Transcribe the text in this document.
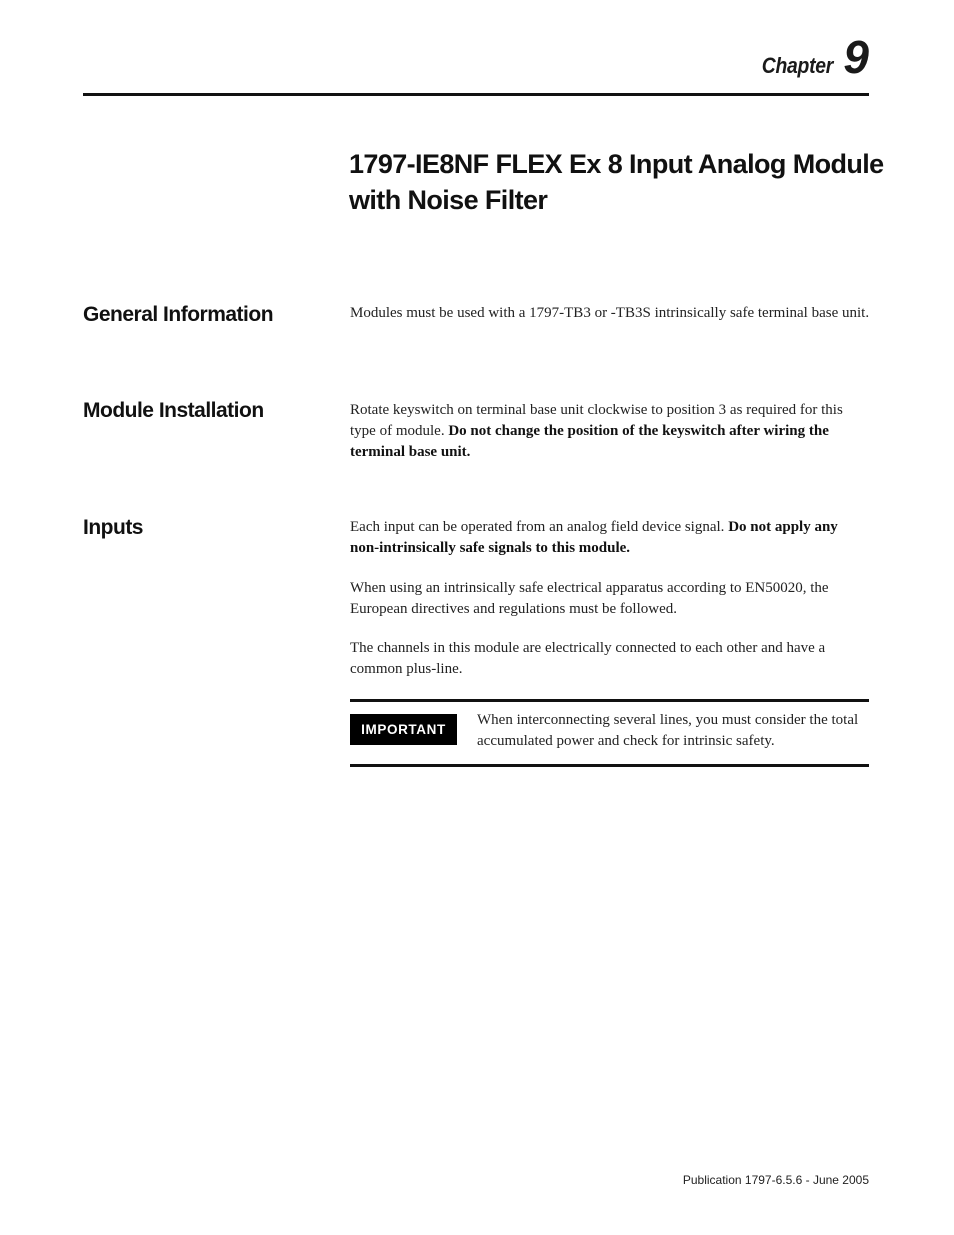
Chapter 9
1797-IE8NF FLEX Ex 8 Input Analog Module
with Noise Filter
General Information	Modules must be used with a 1797-TB3 or -TB3S intrinsically safe terminal base unit.

Module Installation	Rotate keyswitch on terminal base unit clockwise to position 3 as required for this type of module. Do not change the position of the keyswitch after wiring the terminal base unit.

Inputs	Each input can be operated from an analog field device signal. Do not apply any non-intrinsically safe signals to this module.

When using an intrinsically safe electrical apparatus according to EN50020, the European directives and regulations must be followed.

The channels in this module are electrically connected to each other and have a common plus-line.

IMPORTANT

When interconnecting several lines, you must consider the total accumulated power and check for intrinsic safety.

Publication 1797-6.5.6 - June 2005
